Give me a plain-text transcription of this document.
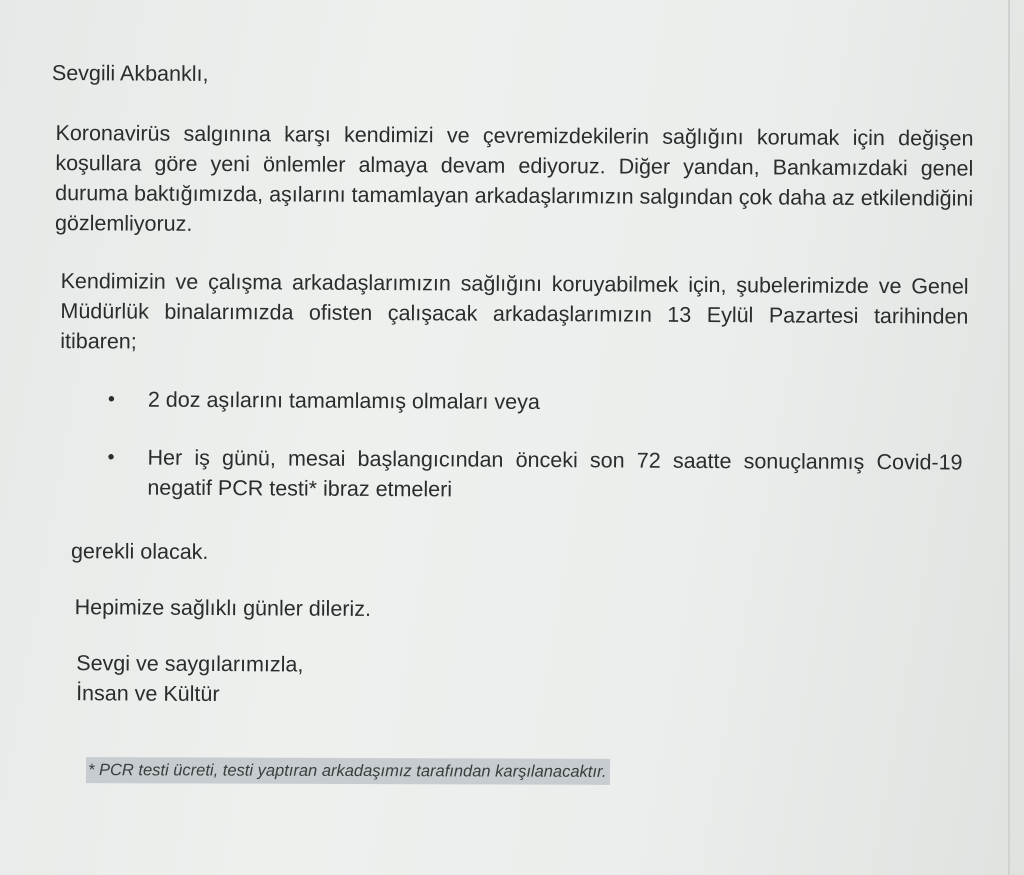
Sevgili Akbanklı,

Koronavirüs salgınına karşı kendimizi ve çevremizdekilerin sağlığını korumak için değişen koşullara göre yeni önlemler almaya devam ediyoruz. Diğer yandan, Bankamızdaki genel duruma baktığımızda, aşılarını tamamlayan arkadaşlarımızın salgından çok daha az etkilendiğini gözlemliyoruz.

Kendimizin ve çalışma arkadaşlarımızın sağlığını koruyabilmek için, şubelerimizde ve Genel Müdürlük binalarımızda ofisten çalışacak arkadaşlarımızın 13 Eylül Pazartesi tarihinden itibaren;

• 2 doz aşılarını tamamlamış olmaları veya
• Her iş günü, mesai başlangıcından önceki son 72 saatte sonuçlanmış Covid-19 negatif PCR testi* ibraz etmeleri

gerekli olacak.

Hepimize sağlıklı günler dileriz.

Sevgi ve saygılarımızla,
İnsan ve Kültür
* PCR testi ücreti, testi yaptıran arkadaşımız tarafından karşılanacaktır.
